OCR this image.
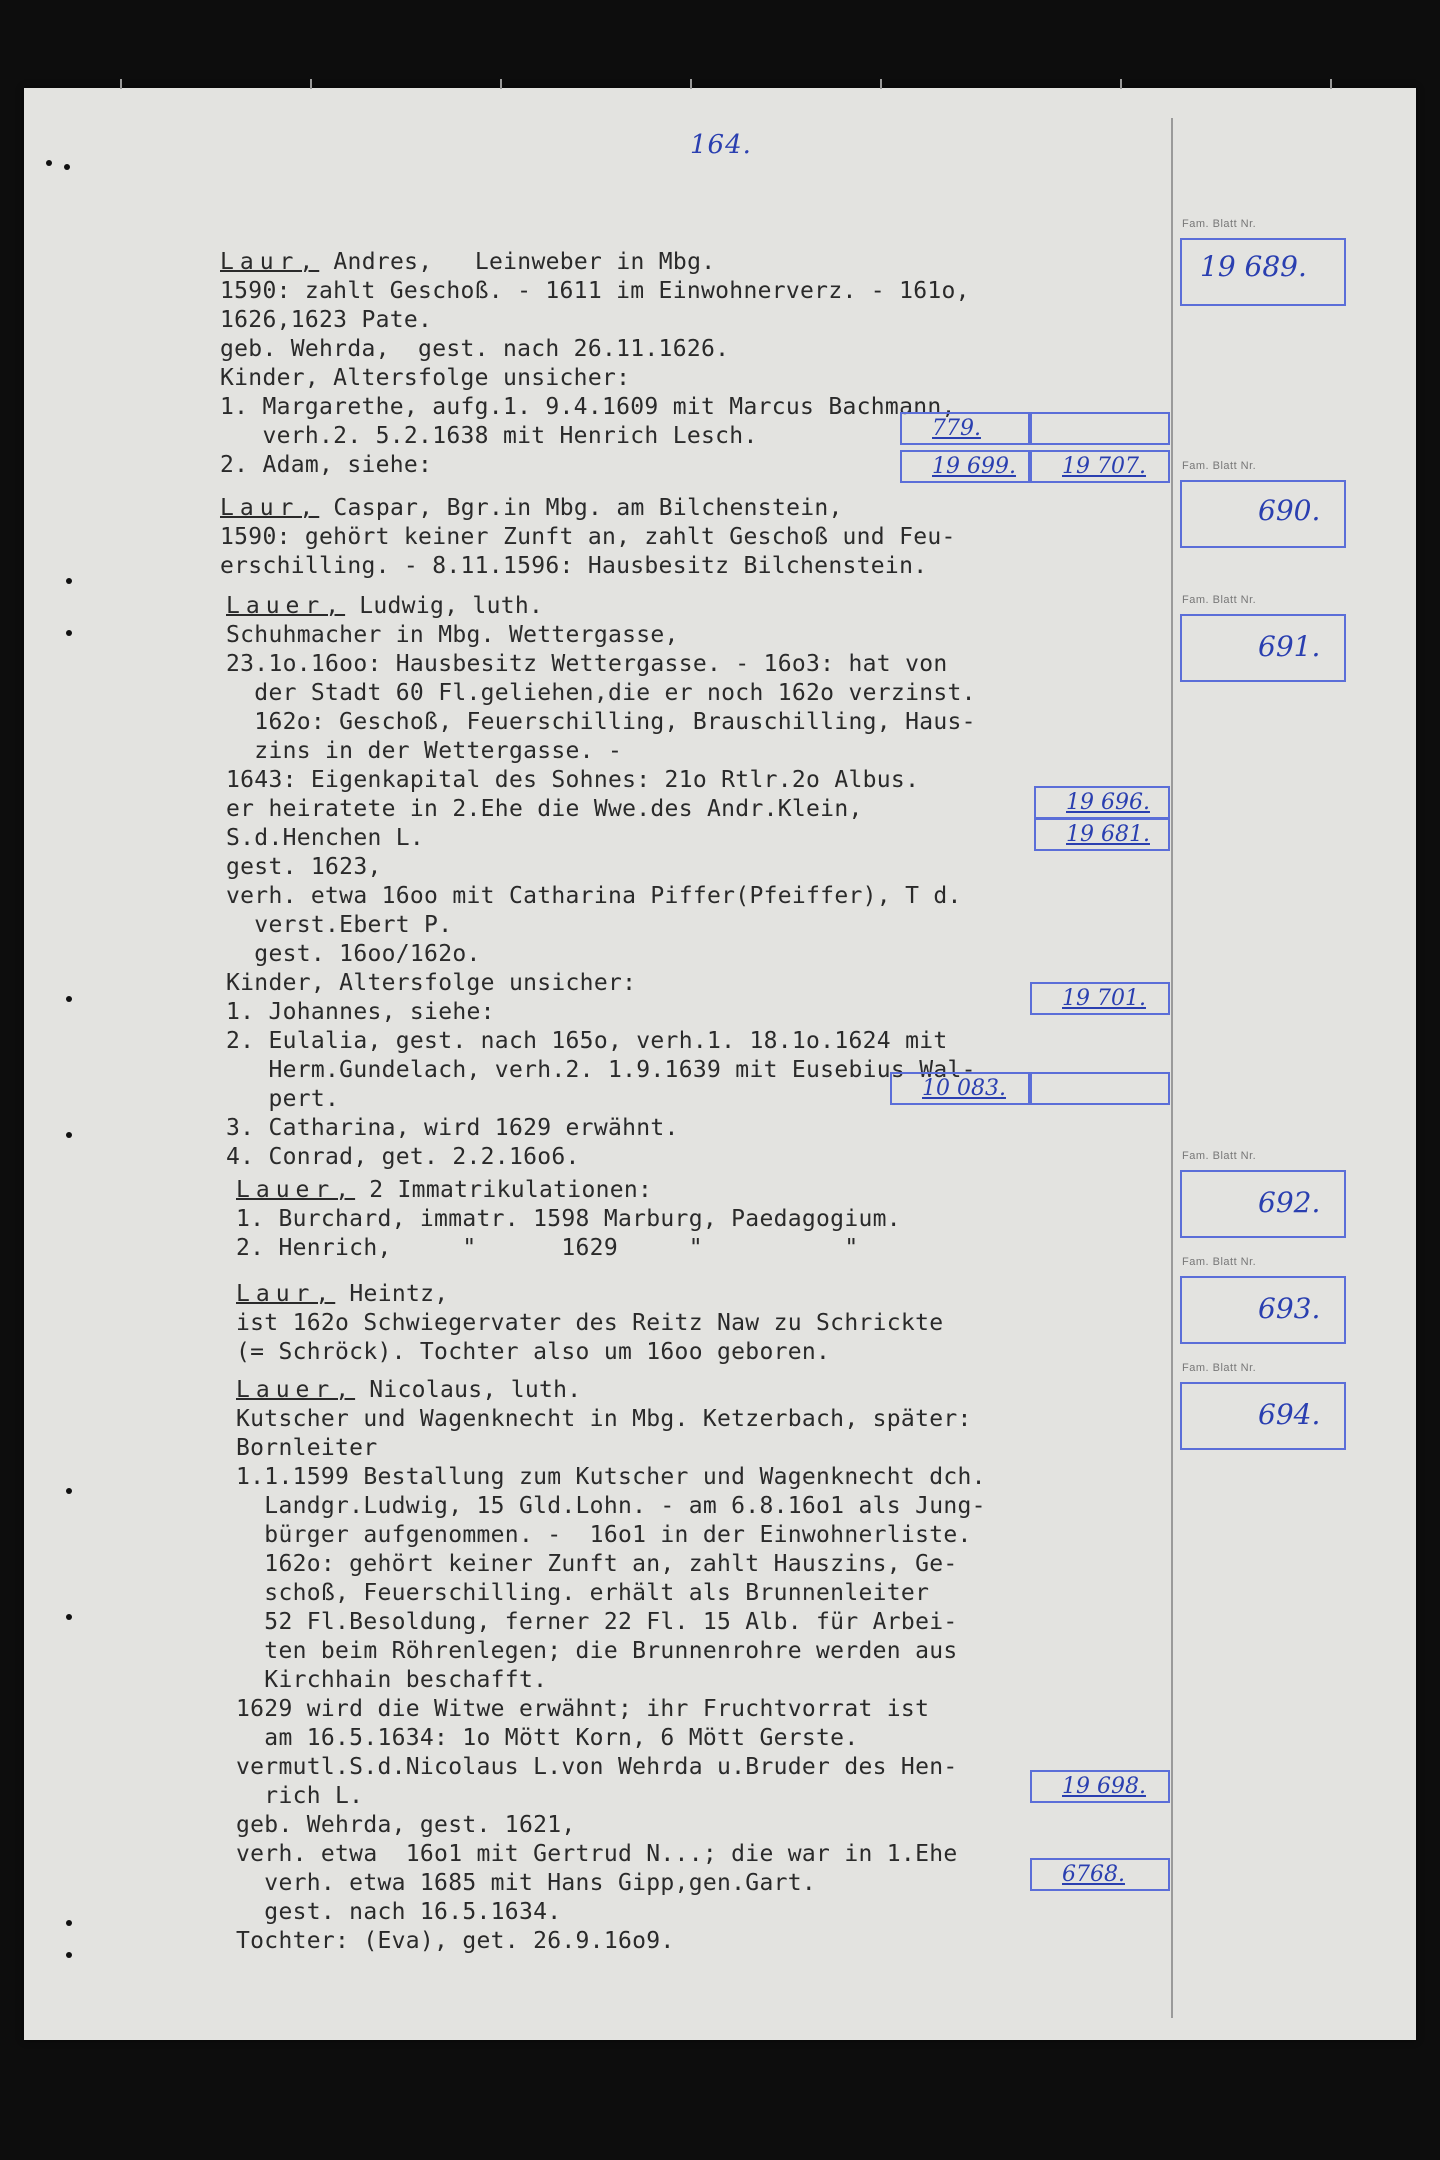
164.
Fam. Blatt Nr.
19 689.
Fam. Blatt Nr.
690.
Fam. Blatt Nr.
691.
Fam. Blatt Nr.
692.
Fam. Blatt Nr.
693.
Fam. Blatt Nr.
694.
Laur, Andres,   Leinweber in Mbg.
1590: zahlt Geschoß. - 1611 im Einwohnerverz. - 161o,
1626,1623 Pate.
geb. Wehrda,  gest. nach 26.11.1626.
Kinder, Altersfolge unsicher:
1. Margarethe, aufg.1. 9.4.1609 mit Marcus Bachmann,
verh.2. 5.2.1638 mit Henrich Lesch.
2. Adam, siehe:
779.
19 699.	19 707.
Laur, Caspar, Bgr.in Mbg. am Bilchenstein,
1590: gehört keiner Zunft an, zahlt Geschoß und Feu-
erschilling. - 8.11.1596: Hausbesitz Bilchenstein.
Lauer, Ludwig, luth.
Schuhmacher in Mbg. Wettergasse,
23.1o.16oo: Hausbesitz Wettergasse. - 16o3: hat von
der Stadt 60 Fl.geliehen,die er noch 162o verzinst.
162o: Geschoß, Feuerschilling, Brauschilling, Haus-
zins in der Wettergasse. -
1643: Eigenkapital des Sohnes: 21o Rtlr.2o Albus.
er heiratete in 2.Ehe die Wwe.des Andr.Klein,
S.d.Henchen L.
gest. 1623,
verh. etwa 16oo mit Catharina Piffer(Pfeiffer), T d.
verst.Ebert P.
gest. 16oo/162o.
Kinder, Altersfolge unsicher:
1. Johannes, siehe:
2. Eulalia, gest. nach 165o, verh.1. 18.1o.1624 mit
Herm.Gundelach, verh.2. 1.9.1639 mit Eusebius Wal-
pert.
3. Catharina, wird 1629 erwähnt.
4. Conrad, get. 2.2.16o6.
19 696.
19 681.
19 701.
10 083.
Lauer, 2 Immatrikulationen:
1. Burchard, immatr. 1598 Marburg, Paedagogium.
2. Henrich,     "      1629     "          "
Laur, Heintz,
ist 162o Schwiegervater des Reitz Naw zu Schrickte
(= Schröck). Tochter also um 16oo geboren.
Lauer, Nicolaus, luth.
Kutscher und Wagenknecht in Mbg. Ketzerbach, später:
Bornleiter
1.1.1599 Bestallung zum Kutscher und Wagenknecht dch.
Landgr.Ludwig, 15 Gld.Lohn. - am 6.8.16o1 als Jung-
bürger aufgenommen. -  16o1 in der Einwohnerliste.
162o: gehört keiner Zunft an, zahlt Hauszins, Ge-
schoß, Feuerschilling. erhält als Brunnenleiter
52 Fl.Besoldung, ferner 22 Fl. 15 Alb. für Arbei-
ten beim Röhrenlegen; die Brunnenrohre werden aus
Kirchhain beschafft.
1629 wird die Witwe erwähnt; ihr Fruchtvorrat ist
am 16.5.1634: 1o Mött Korn, 6 Mött Gerste.
vermutl.S.d.Nicolaus L.von Wehrda u.Bruder des Hen-
rich L.
geb. Wehrda, gest. 1621,
verh. etwa  16o1 mit Gertrud N...; die war in 1.Ehe
verh. etwa 1685 mit Hans Gipp,gen.Gart.
gest. nach 16.5.1634.
Tochter: (Eva), get. 26.9.16o9.
19 698.
6768.
